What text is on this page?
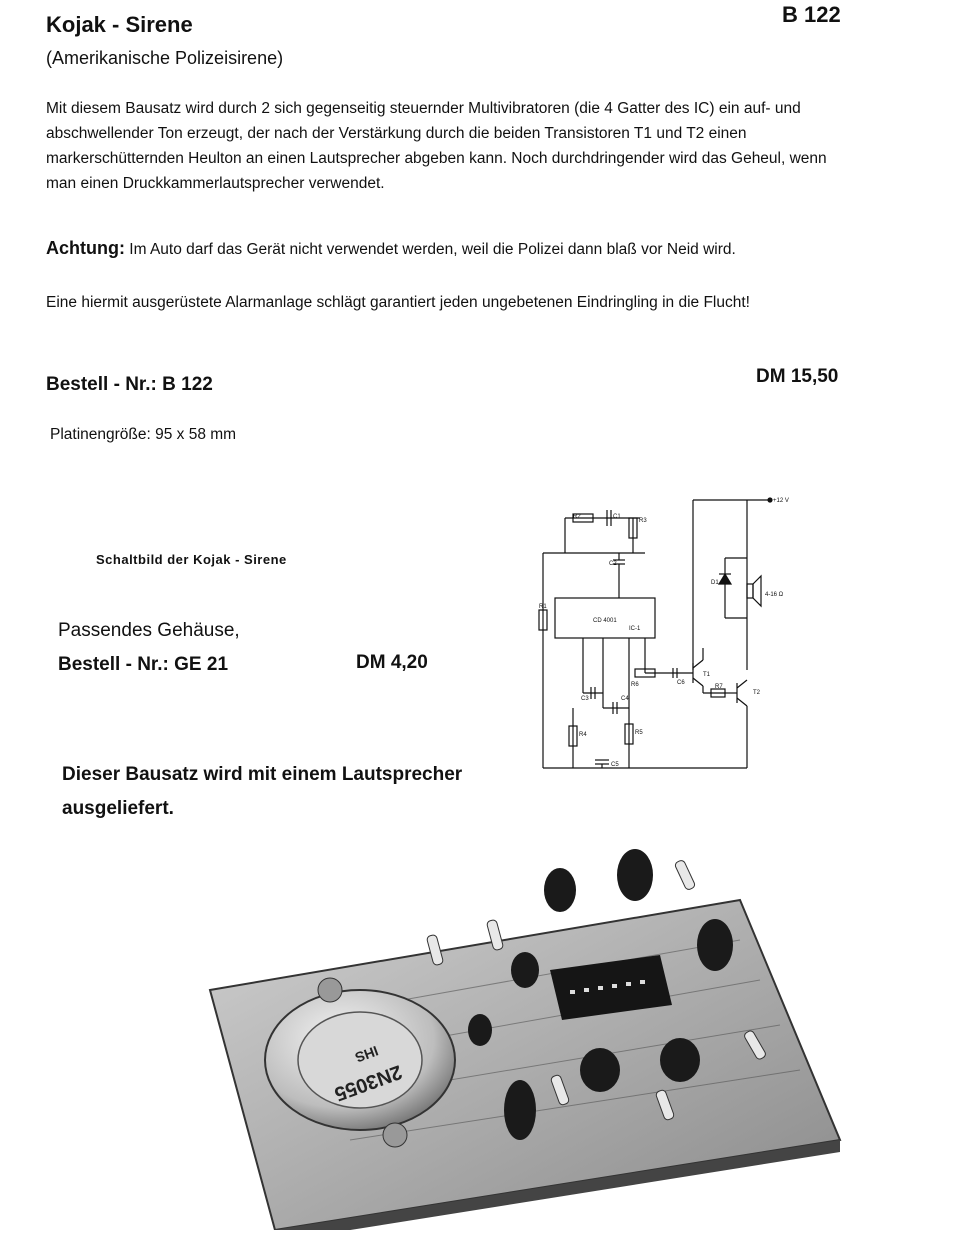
Kojak - Sirene	B 122
(Amerikanische Polizeisirene)
Mit diesem Bausatz wird durch 2 sich gegenseitig steuernder Multivibratoren (die 4 Gatter des IC) ein auf- und abschwellender Ton erzeugt, der nach der Verstärkung durch die beiden Transistoren T1 und T2 einen markerschütternden Heulton an einen Lautsprecher abgeben kann. Noch durchdringender wird das Geheul, wenn man einen Druckkammerlautsprecher verwendet.
Achtung: Im Auto darf das Gerät nicht verwendet werden, weil die Polizei dann blaß vor Neid wird.
Eine hiermit ausgerüstete Alarmanlage schlägt garantiert jeden ungebetenen Eindringling in die Flucht!
Bestell - Nr.: B 122	DM 15,50
Platinengröße: 95 x 58 mm
Schaltbild der Kojak - Sirene
+12 V
R2	C1
R3
C2
R1
R6	C6
T1
D1
R7
T2
C3	C4
R4	R5
C5
4-16 Ω
CD 4001
IC-1
Passendes Gehäuse,
Bestell - Nr.: GE 21	DM 4,20
Dieser Bausatz wird mit einem Lautsprecher ausgeliefert.
2N3055
IHS
